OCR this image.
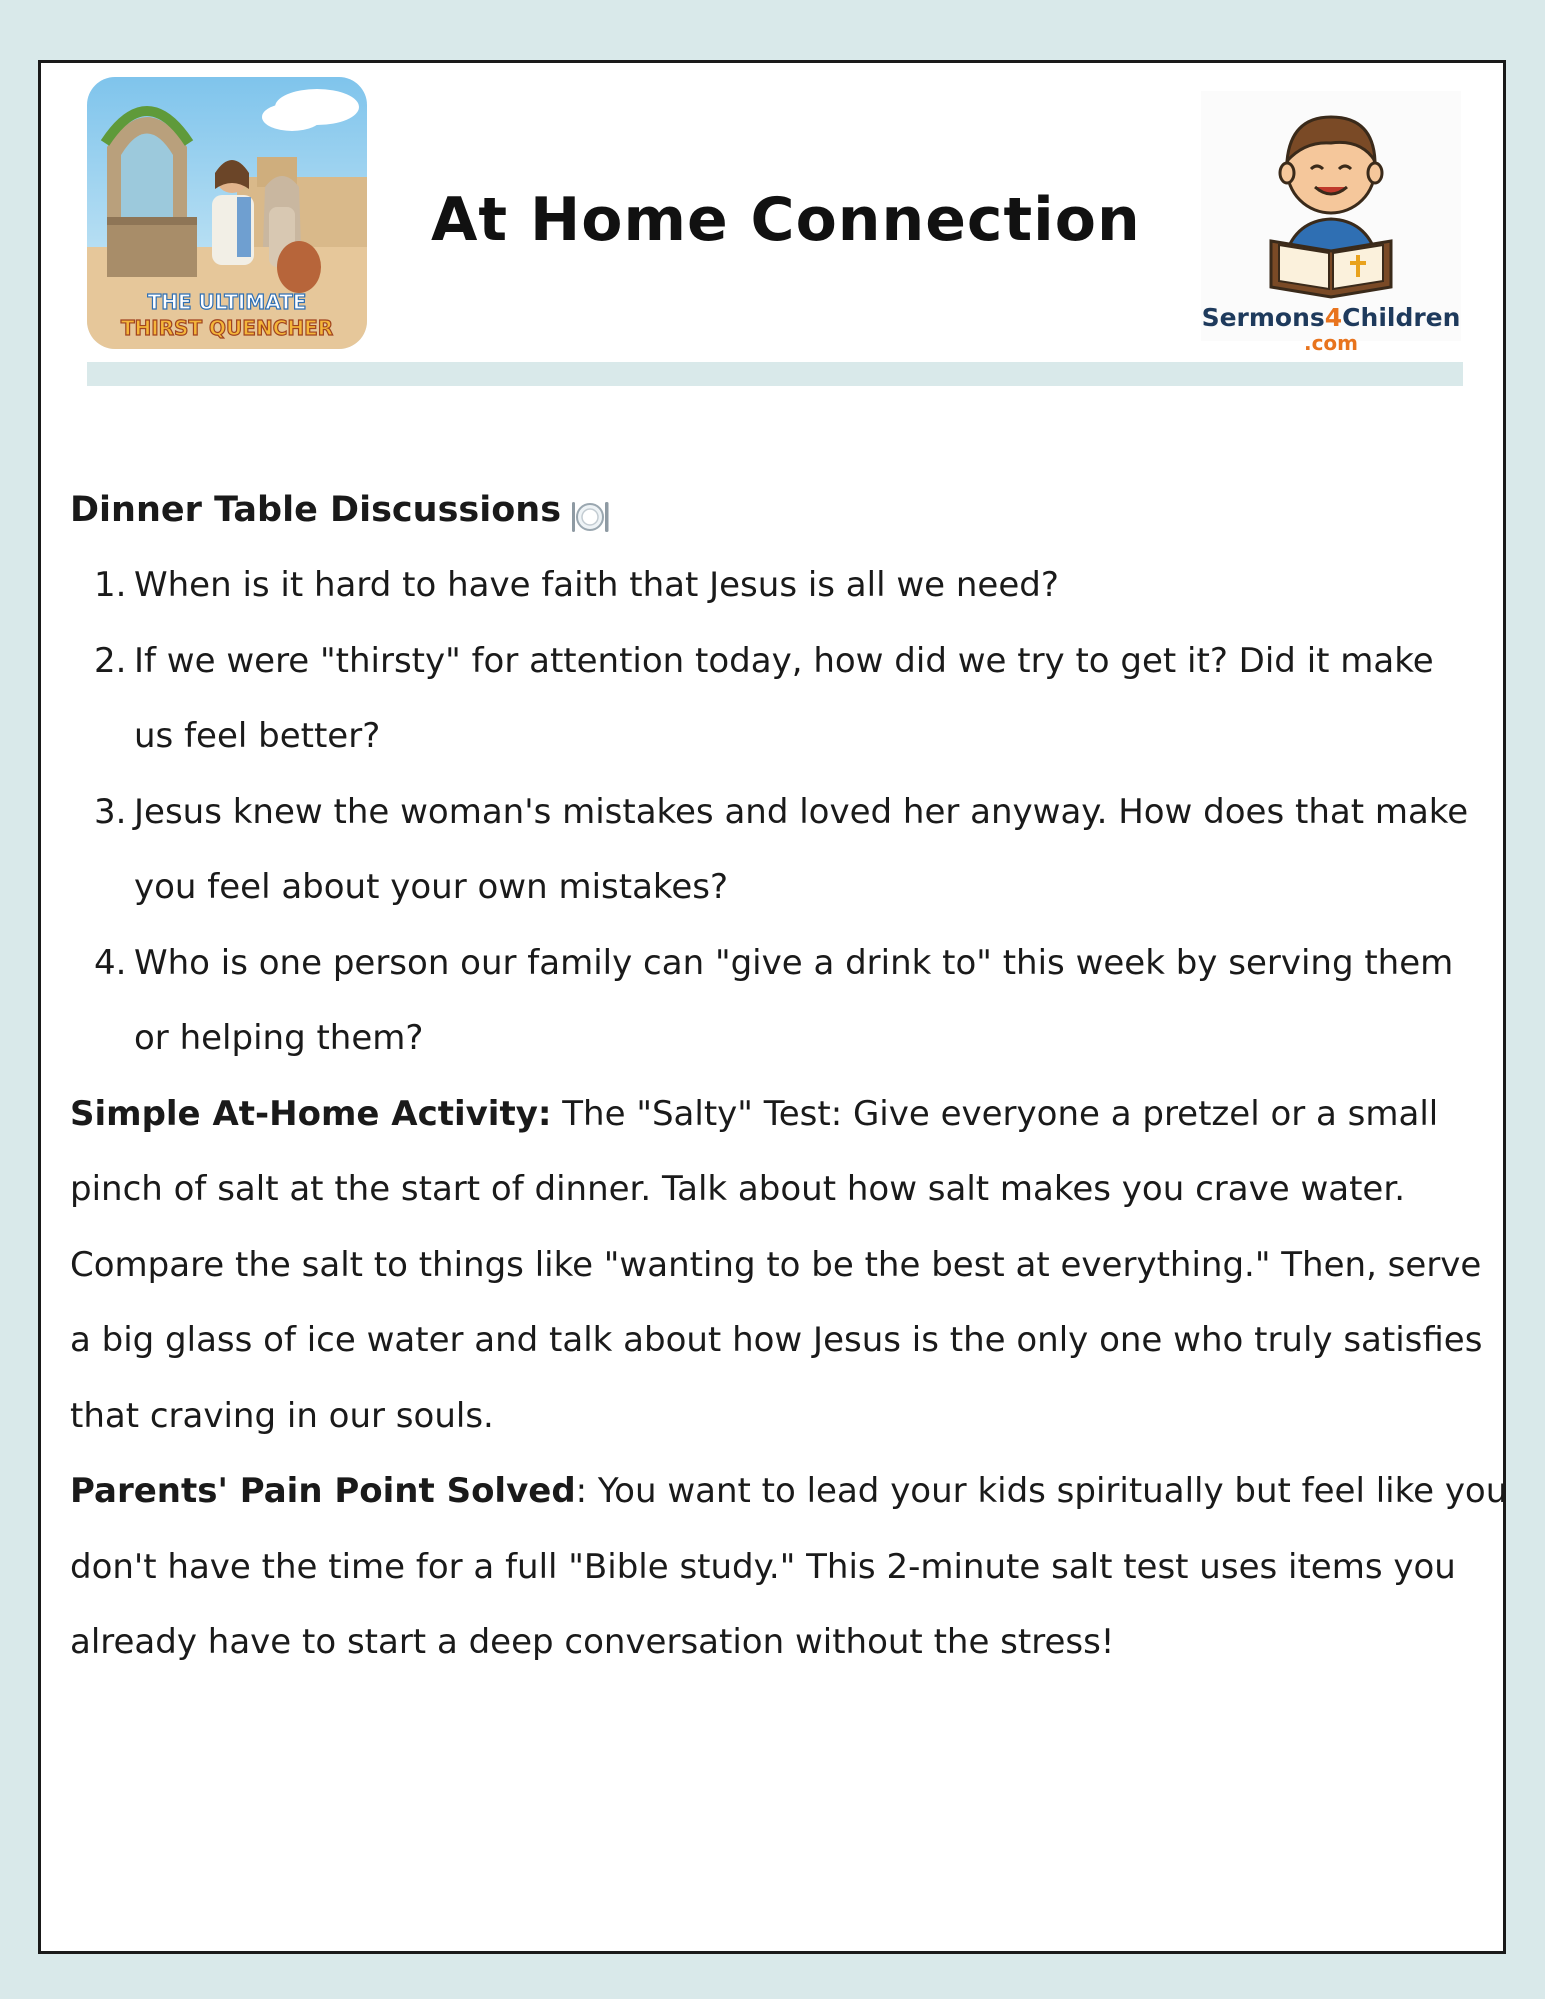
THE ULTIMATE
THIRST QUENCHER
At Home Connection
Sermons4Children
.com
Dinner Table Discussions
1. When is it hard to have faith that Jesus is all we need?
2. If we were "thirsty" for attention today, how did we try to get it? Did it make us feel better?
3. Jesus knew the woman's mistakes and loved her anyway. How does that make you feel about your own mistakes?
4. Who is one person our family can "give a drink to" this week by serving them or helping them?

Simple At-Home Activity: The "Salty" Test: Give everyone a pretzel or a small pinch of salt at the start of dinner. Talk about how salt makes you crave water. Compare the salt to things like "wanting to be the best at everything." Then, serve a big glass of ice water and talk about how Jesus is the only one who truly satisfies that craving in our souls.

Parents' Pain Point Solved: You want to lead your kids spiritually but feel like you don't have the time for a full "Bible study." This 2-minute salt test uses items you already have to start a deep conversation without the stress!
